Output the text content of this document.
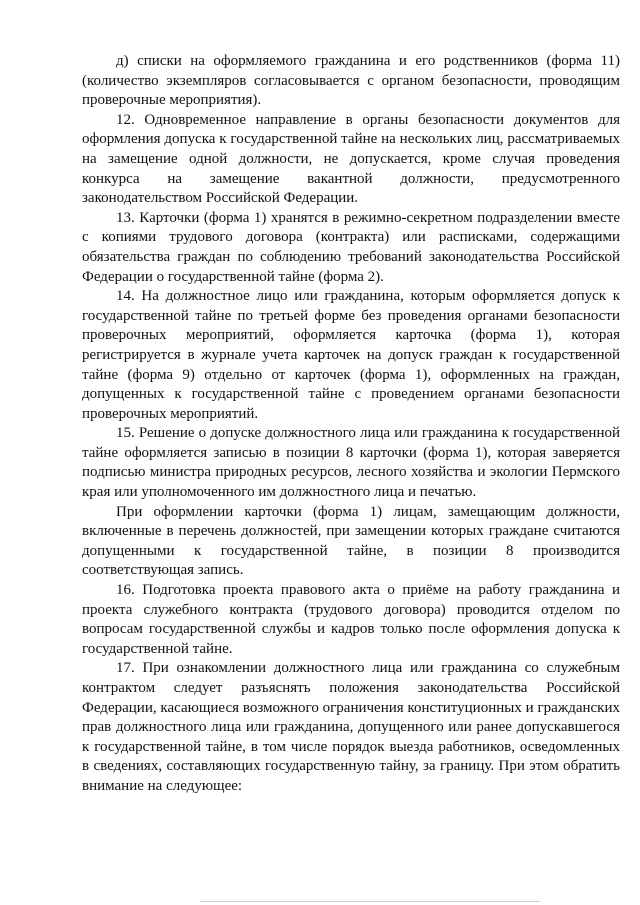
д) списки на оформляемого гражданина и его родственников (форма 11) (количество экземпляров согласовывается с органом безопасности, проводящим проверочные мероприятия).

12. Одновременное направление в органы безопасности документов для оформления допуска к государственной тайне на нескольких лиц, рассматриваемых на замещение одной должности, не допускается, кроме случая проведения конкурса на замещение вакантной должности, предусмотренного законодательством Российской Федерации.

13. Карточки (форма 1) хранятся в режимно-секретном подразделении вместе с копиями трудового договора (контракта) или расписками, содержащими обязательства граждан по соблюдению требований законодательства Российской Федерации о государственной тайне (форма 2).

14. На должностное лицо или гражданина, которым оформляется допуск к государственной тайне по третьей форме без проведения органами безопасности проверочных мероприятий, оформляется карточка (форма 1), которая регистрируется в журнале учета карточек на допуск граждан к государственной тайне (форма 9) отдельно от карточек (форма 1), оформленных на граждан, допущенных к государственной тайне с проведением органами безопасности проверочных мероприятий.

15. Решение о допуске должностного лица или гражданина к государственной тайне оформляется записью в позиции 8 карточки (форма 1), которая заверяется подписью министра природных ресурсов, лесного хозяйства и экологии Пермского края или уполномоченного им должностного лица и печатью.

При оформлении карточки (форма 1) лицам, замещающим должности, включенные в перечень должностей, при замещении которых граждане считаются допущенными к государственной тайне, в позиции 8 производится соответствующая запись.

16. Подготовка проекта правового акта о приёме на работу гражданина и проекта служебного контракта (трудового договора) проводится отделом по вопросам государственной службы и кадров только после оформления допуска к государственной тайне.

17. При ознакомлении должностного лица или гражданина со служебным контрактом следует разъяснять положения законодательства Российской Федерации, касающиеся возможного ограничения конституционных и гражданских прав должностного лица или гражданина, допущенного или ранее допускавшегося к государственной тайне, в том числе порядок выезда работников, осведомленных в сведениях, составляющих государственную тайну, за границу. При этом обратить внимание на следующее:
